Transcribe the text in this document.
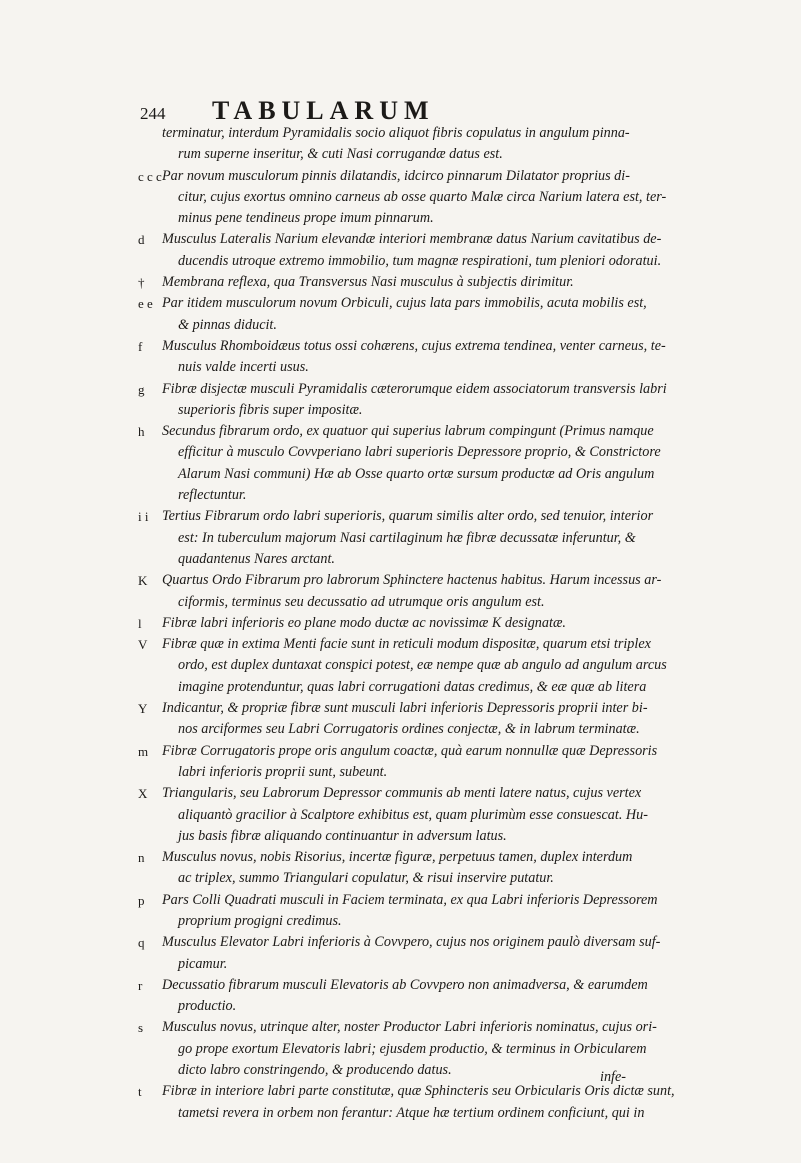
244 TABULARUM

terminatur, interdum Pyramidalis socio aliquot fibris copulatus in angulum pinna-
rum superne inseritur, & cuti Nasi corrugandæ datus est.

c c c Par novum musculorum pinnis dilatandis, idcirco pinnarum Dilatator proprius di-
citur, cujus exortus omnino carneus ab osse quarto Malæ circa Narium latera est, ter-
minus pene tendineus prope imum pinnarum.

d	Musculus Lateralis Narium elevandæ interiori membranæ datus Narium cavitatibus de-
ducendis utroque extremo immobilio, tum magnæ respirationi, tum pleniori odoratui.

†	Membrana reflexa, qua Transversus Nasi musculus à subjectis dirimitur.

e e Par itidem musculorum novum Orbiculi, cujus lata pars immobilis, acuta mobilis est,
& pinnas diducit.

f	Musculus Rhomboidæus totus ossi cohærens, cujus extrema tendinea, venter carneus, te-
nuis valde incerti usus.

g	Fibræ disjectæ musculi Pyramidalis cæterorumque eidem associatorum transversis labri
superioris fibris super impositæ.

h	Secundus fibrarum ordo, ex quatuor qui superius labrum compingunt (Primus namque
efficitur à musculo Covvperiano labri superioris Depressore proprio, & Constrictore
Alarum Nasi communi) Hæ ab Osse quarto ortæ sursum productæ ad Oris angulum
reflectuntur.

i i Tertius Fibrarum ordo labri superioris, quarum similis alter ordo, sed tenuior, interior
est: In tuberculum majorum Nasi cartilaginum hæ fibræ decussatæ inferuntur, &
quadantenus Nares arctant.

K	Quartus Ordo Fibrarum pro labrorum Sphinctere hactenus habitus. Harum incessus ar-
ciformis, terminus seu decussatio ad utrumque oris angulum est.

l	Fibræ labri inferioris eo plane modo ductæ ac novissimæ K designatæ.

V	Fibræ quæ in extima Menti facie sunt in reticuli modum dispositæ, quarum etsi triplex
ordo, est duplex duntaxat conspici potest, eæ nempe quæ ab angulo ad angulum arcus
imagine protenduntur, quas labri corrugationi datas credimus, & eæ quæ ab litera

Y	Indicantur, & propriæ fibræ sunt musculi labri inferioris Depressoris proprii inter bi-
nos arciformes seu Labri Corrugatoris ordines conjectæ, & in labrum terminatæ.

m Fibræ Corrugatoris prope oris angulum coactæ, quà earum nonnullæ quæ Depressoris
labri inferioris proprii sunt, subeunt.

X	Triangularis, seu Labrorum Depressor communis ab menti latere natus, cujus vertex
aliquantò gracilior à Scalptore exhibitus est, quam plurimùm esse consuescat. Hu-
jus basis fibræ aliquando continuantur in adversum latus.

n	Musculus novus, nobis Risorius, incertæ figuræ, perpetuus tamen, duplex interdum
ac triplex, summo Triangulari copulatur, & risui inservire putatur.

p	Pars Colli Quadrati musculi in Faciem terminata, ex qua Labri inferioris Depressorem
proprium progigni credimus.

q	Musculus Elevator Labri inferioris à Covvpero, cujus nos originem paulò diversam suf-
picamur.

r	Decussatio fibrarum musculi Elevatoris ab Covvpero non animadversa, & earumdem
productio.

s	Musculus novus, utrinque alter, noster Productor Labri inferioris nominatus, cujus ori-
go prope exortum Elevatoris labri; ejusdem productio, & terminus in Orbicularem
dicto labro constringendo, & producendo datus.

t	Fibræ in interiore labri parte constitutæ, quæ Sphincteris seu Orbicularis Oris dictæ sunt,
tametsi revera in orbem non ferantur: Atque hæ tertium ordinem conficiunt, qui in

infe-
